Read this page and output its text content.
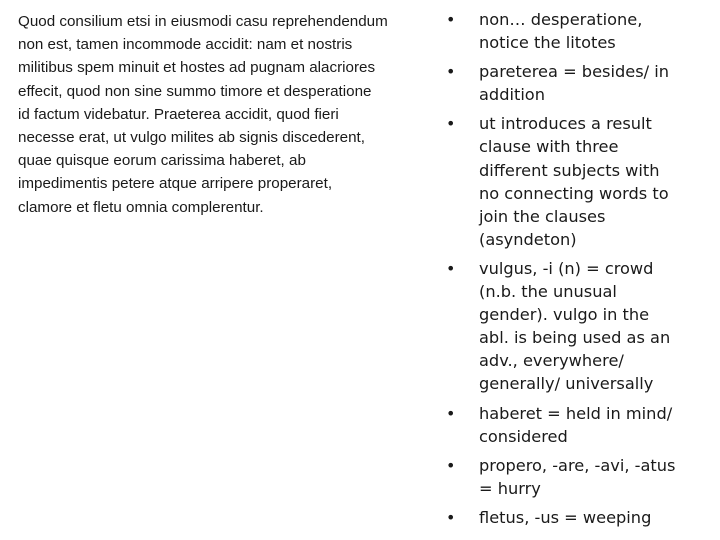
Quod consilium etsi in eiusmodi casu reprehendendum
non est, tamen incommode accidit: nam et nostris
militibus spem minuit et hostes ad pugnam alacriores
effecit, quod non sine summo timore et desperatione
id factum videbatur. Praeterea accidit, quod fieri
necesse erat, ut vulgo milites ab signis discederent,
quae quisque eorum carissima haberet, ab
impedimentis petere atque arripere properaret,
clamore et fletu omnia complerentur.
•	non… desperatione,
notice the litotes
•	pareterea = besides/ in
addition
•	ut introduces a result
clause with three
different subjects with
no connecting words to
join the clauses
(asyndeton)
•	vulgus, -i (n) = crowd
(n.b. the unusual
gender). vulgo in the
abl. is being used as an
adv., everywhere/
generally/ universally
•	haberet = held in mind/
considered
•	propero, -are, -avi, -atus
= hurry
•	fletus, -us = weeping
